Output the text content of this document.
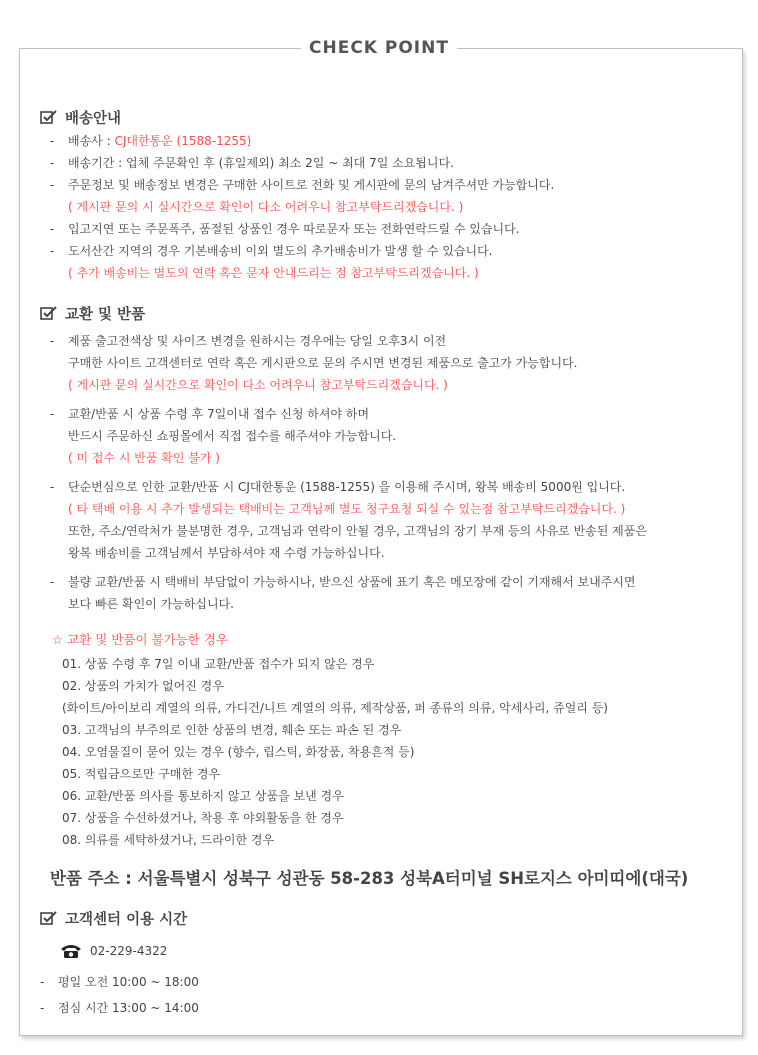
CHECK POINT
배송안내
-	배송사 : CJ대한통운 (1588-1255)
-	배송기간 : 업체 주문확인 후 (휴일제외) 최소 2일 ~ 최대 7일 소요됩니다.
-	주문정보 및 배송정보 변경은 구매한 사이트로 전화 및 게시판에 문의 남겨주셔만 가능합니다.
( 게시판 문의 시 실시간으로 확인이 다소 어려우니 참고부탁드리겠습니다. )
-	입고지연 또는 주문폭주, 품절된 상품인 경우 따로문자 또는 전화연락드릴 수 있습니다.
-	도서산간 지역의 경우 기본배송비 이외 별도의 추가배송비가 발생 할 수 있습니다.
( 추가 배송비는 별도의 연락 혹은 문자 안내드리는 점 참고부탁드리겠습니다. )
교환 및 반품
-	제품 출고전색상 및 사이즈 변경을 원하시는 경우에는 당일 오후3시 이전
구매한 사이트 고객센터로 연락 혹은 게시판으로 문의 주시면 변경된 제품으로 출고가 가능합니다.
( 게시판 문의 실시간으로 확인이 다소 어려우니 참고부탁드리겠습니다. )
-	교환/반품 시 상품 수령 후 7일이내 접수 신청 하셔야 하며
반드시 주문하신 쇼핑몰에서 직접 접수를 해주셔야 가능합니다.
( 미 접수 시 반품 확인 불가 )
-	단순변심으로 인한 교환/반품 시 CJ대한통운 (1588-1255) 을 이용해 주시며, 왕복 배송비 5000원 입니다.
( 타 택배 이용 시 추가 발생되는 택배비는 고객님께 별도 청구요청 되실 수 있는점 참고부탁드리겠습니다. )
또한, 주소/연락처가 불분명한 경우, 고객님과 연락이 안될 경우, 고객님의 장기 부재 등의 사유로 반송된 제품은
왕복 배송비를 고객님께서 부담하셔야 재 수령 가능하십니다.
-	불량 교환/반품 시 택배비 부담없이 가능하시나, 받으신 상품에 표기 혹은 메모장에 같이 기재해서 보내주시면
보다 빠른 확인이 가능하십니다.
☆ 교환 및 반품이 불가능한 경우
01. 상품 수령 후 7일 이내 교환/반품 접수가 되지 않은 경우
02. 상품의 가치가 없어진 경우
(화이트/아이보리 계열의 의류, 가디건/니트 계열의 의류, 제작상품, 퍼 종류의 의류, 악세사리, 쥬얼리 등)
03. 고객님의 부주의로 인한 상품의 변경, 훼손 또는 파손 된 경우
04. 오염물질이 묻어 있는 경우 (향수, 립스틱, 화장품, 착용흔적 등)
05. 적립금으로만 구매한 경우
06. 교환/반품 의사를 통보하지 않고 상품을 보낸 경우
07. 상품을 수선하셨거나, 착용 후 야외활동을 한 경우
08. 의류를 세탁하셨거나, 드라이한 경우
반품 주소 : 서울특별시 성북구 성관동 58-283 성북A터미널 SH로지스 아미띠에(대국)
고객센터 이용 시간
02-229-4322
-	평일 오전 10:00 ~ 18:00
-	점심 시간 13:00 ~ 14:00
